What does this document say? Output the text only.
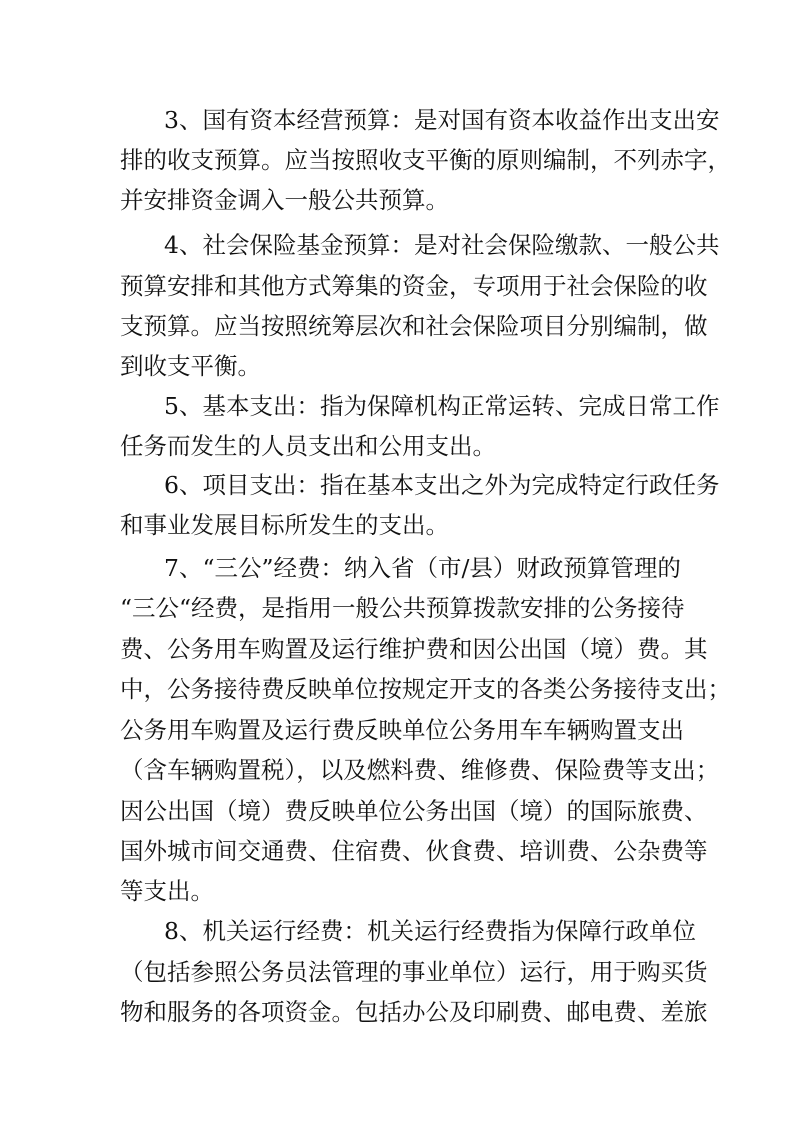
3、国有资本经营预算：是对国有资本收益作出支出安
排的收支预算。应当按照收支平衡的原则编制，不列赤字，
并安排资金调入一般公共预算。
4、社会保险基金预算：是对社会保险缴款、一般公共
预算安排和其他方式筹集的资金，专项用于社会保险的收
支预算。应当按照统筹层次和社会保险项目分别编制，做
到收支平衡。
5、基本支出：指为保障机构正常运转、完成日常工作
任务而发生的人员支出和公用支出。
6、项目支出：指在基本支出之外为完成特定行政任务
和事业发展目标所发生的支出。
7、“三公”经费：纳入省（市/县）财政预算管理的
“三公“经费，是指用一般公共预算拨款安排的公务接待
费、公务用车购置及运行维护费和因公出国（境）费。其
中，公务接待费反映单位按规定开支的各类公务接待支出；
公务用车购置及运行费反映单位公务用车车辆购置支出
（含车辆购置税），以及燃料费、维修费、保险费等支出；
因公出国（境）费反映单位公务出国（境）的国际旅费、
国外城市间交通费、住宿费、伙食费、培训费、公杂费等
等支出。
8、机关运行经费：机关运行经费指为保障行政单位
（包括参照公务员法管理的事业单位）运行，用于购买货
物和服务的各项资金。包括办公及印刷费、邮电费、差旅
